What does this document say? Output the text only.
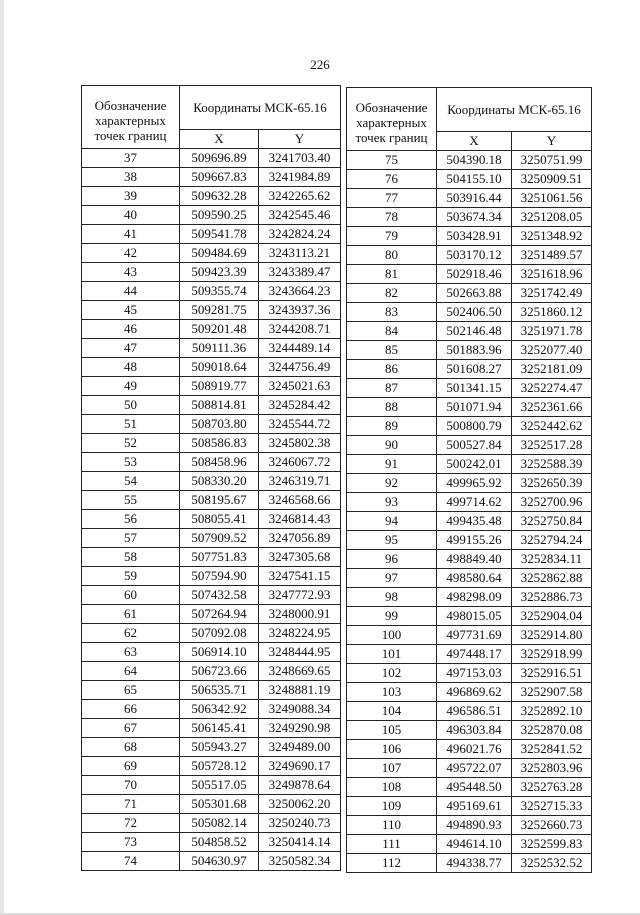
226
Обозначение характерных точек границ	Координаты МСК-65.16	
	X	Y
37	509696.89	3241703.40
38	509667.83	3241984.89
39	509632.28	3242265.62
40	509590.25	3242545.46
41	509541.78	3242824.24
42	509484.69	3243113.21
43	509423.39	3243389.47
44	509355.74	3243664.23
45	509281.75	3243937.36
46	509201.48	3244208.71
47	509111.36	3244489.14
48	509018.64	3244756.49
49	508919.77	3245021.63
50	508814.81	3245284.42
51	508703.80	3245544.72
52	508586.83	3245802.38
53	508458.96	3246067.72
54	508330.20	3246319.71
55	508195.67	3246568.66
56	508055.41	3246814.43
57	507909.52	3247056.89
58	507751.83	3247305.68
59	507594.90	3247541.15
60	507432.58	3247772.93
61	507264.94	3248000.91
62	507092.08	3248224.95
63	506914.10	3248444.95
64	506723.66	3248669.65
65	506535.71	3248881.19
66	506342.92	3249088.34
67	506145.41	3249290.98
68	505943.27	3249489.00
69	505728.12	3249690.17
70	505517.05	3249878.64
71	505301.68	3250062.20
72	505082.14	3250240.73
73	504858.52	3250414.14
74	504630.97	3250582.34
Обозначение характерных точек границ	Координаты МСК-65.16	
	X	Y
75	504390.18	3250751.99
76	504155.10	3250909.51
77	503916.44	3251061.56
78	503674.34	3251208.05
79	503428.91	3251348.92
80	503170.12	3251489.57
81	502918.46	3251618.96
82	502663.88	3251742.49
83	502406.50	3251860.12
84	502146.48	3251971.78
85	501883.96	3252077.40
86	501608.27	3252181.09
87	501341.15	3252274.47
88	501071.94	3252361.66
89	500800.79	3252442.62
90	500527.84	3252517.28
91	500242.01	3252588.39
92	499965.92	3252650.39
93	499714.62	3252700.96
94	499435.48	3252750.84
95	499155.26	3252794.24
96	498849.40	3252834.11
97	498580.64	3252862.88
98	498298.09	3252886.73
99	498015.05	3252904.04
100	497731.69	3252914.80
101	497448.17	3252918.99
102	497153.03	3252916.51
103	496869.62	3252907.58
104	496586.51	3252892.10
105	496303.84	3252870.08
106	496021.76	3252841.52
107	495722.07	3252803.96
108	495448.50	3252763.28
109	495169.61	3252715.33
110	494890.93	3252660.73
111	494614.10	3252599.83
112	494338.77	3252532.52
